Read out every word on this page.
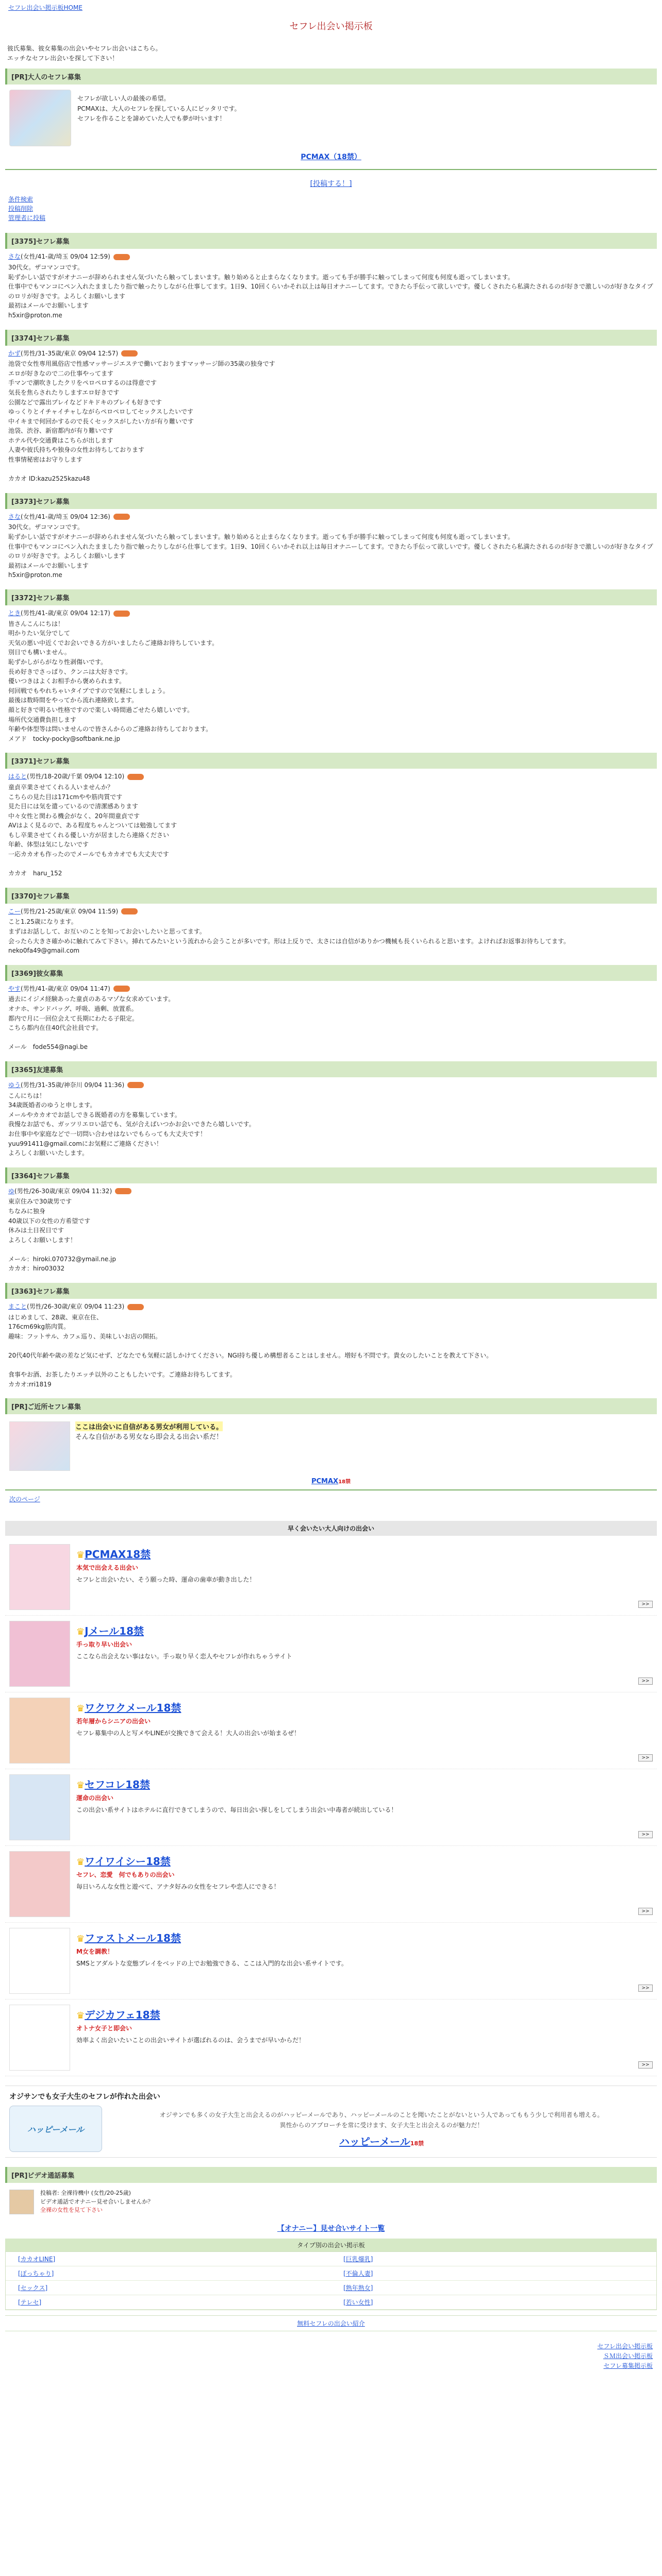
セフレ出会い掲示板HOME
セフレ出会い掲示板
彼氏募集、彼女募集の出会いやセフレ出会いはこちら。
エッチなセフレ出会いを探して下さい！
[PR]大人のセフレ募集
セフレが欲しい人の最後の希望。
PCMAXは、大人のセフレを探している人にピッタリです。
セフレを作ることを諦めていた人でも夢が叶います！
PCMAX（18禁）
[投稿する！]
条件検索
投稿削除
管理者に投稿
[3375]セフレ募集
さな(女性/41-歳/埼玉 09/04 12:59)
30代女。ザコマンコです。
恥ずかしい話ですがオナニーが辞められません気づいたら触ってしまいます。触り始めると止まらなくなります。逝っても手が勝手に触ってしまって何度も何度も逝ってしまいます。
仕事中でもマンコにペン入れたまましたり指で触ったりしながら仕事してます。1日9、10回くらいかそれ以上は毎日オナニーしてます。できたら手伝って欲しいです。優しくされたら私満たされるのが好きで激しいのが好きなタイプのロリが好きです。よろしくお願いします
最初はメールでお願いします
h5xir@proton.me
[3374]セフレ募集
かず(男性/31-35歳/東京 09/04 12:57)
池袋で女性専用風俗店で性感マッサージエステで働いておりますマッサージ師の35歳の独身です
エロが好きなので二の仕事やってます
手マンで潮吹きしたクリをペロペロするのは得意です
気長を焦らされたりしますエロ好きです
公園などで露出プレイなどドキドキのプレイも好きです
ゆっくりとイチャイチャしながらペロペロしてセックスしたいです
中イキまで何回かするので長くセックスがしたい方が有り難いです
池袋、渋谷、新宿都内が有り難いです
ホテル代や交通費はこちらが出します
人妻や彼氏持ちや独身の女性お待ちしております
性事情秘密はお守りします

カカオ ID:kazu2525kazu48
[3373]セフレ募集
さな(女性/41-歳/埼玉 09/04 12:36)
30代女。ザコマンコです。
恥ずかしい話ですがオナニーが辞められません気づいたら触ってしまいます。触り始めると止まらなくなります。逝っても手が勝手に触ってしまって何度も何度も逝ってしまいます。
仕事中でもマンコにペン入れたまましたり指で触ったりしながら仕事してます。1日9、10回くらいかそれ以上は毎日オナニーしてます。できたら手伝って欲しいです。優しくされたら私満たされるのが好きで激しいのが好きなタイプのロリが好きです。よろしくお願いします
最初はメールでお願いします
h5xir@proton.me
[3372]セフレ募集
とき(男性/41-歳/東京 09/04 12:17)
皆さんこんにちは！
明かりたい気分でして
天気の悪い中近くでお会いできる方がいましたらご連絡お待ちしています。
別日でも構いません。
恥ずかしがらがなり性剥傷いです。
長め好きでさっぱり、クンニは大好きです。
優いつきはよくお相手から褒められます。
何回戦でもやれちゃいタイプですので気軽にしましょう。
最後は数時間をやってから流れ連絡致します。
顔と好きで明るい性格ですので楽しい時間過ごせたら嬉しいです。
場所代交通費負担します
年齢や体型等は問いませんので皆さんからのご連絡お待ちしております。
メアド　tocky-pocky@softbank.ne.jp
[3371]セフレ募集
はると(男性/18-20歳/千葉 09/04 12:10)
童貞卒業させてくれる人いませんか？
こちらの見た目は171cmやや筋肉質です
見た目には気を遣っているので清潔感あります
中々女性と関わる機会がなく、20年間童貞です
AVはよく見るので、ある程度ちゃんとついては勉強してます
もし卒業させてくれる優しい方が居ましたら連絡ください
年齢、体型は気にしないです
一応カカオも作ったのでメールでもカカオでも大丈夫です

カカオ　haru_152
[3370]セフレ募集
こー(男性/21-25歳/東京 09/04 11:59)
こと1.25歳になります。
まずはお話しして、お互いのことを知ってお会いしたいと思ってます。
会ったら大きさ確かめに触れてみて下さい。挿れてみたいという流れから会うことが多いです。形は上反りで、太さには自信がありかつ機械も長くいられると思います。よければお返事お待ちしてます。
neko0fa49@gmail.com
[3369]彼女募集
やす(男性/41-歳/東京 09/04 11:47)
過去にイジメ経験あった童貞のあるマゾな女求めています。
オナホ、サンドバッグ、呼吸、過剰、放置系。
都内で月に一回位会えて長期にわたる子限定。
こちら都内在住40代会社員です。

メール　fode554@nagi.be
[3365]友達募集
ゆう(男性/31-35歳/神奈川 09/04 11:36)
こんにちは！
34歳既婚者のゆうと申します。
メールやカカオでお話しできる既婚者の方を募集しています。
我慢なお話でも、ガッツリエロい話でも、気が合えばいつかお会いできたら嬉しいです。
お仕事中や家庭などで一切問い合わせはないでもらっても大丈夫です！
yuu991411@gmail.comにお気軽にご連絡ください！
よろしくお願いいたします。
[3364]セフレ募集
ゆ(男性/26-30歳/東京 09/04 11:32)
東京住みで30歳男です
ちなみに独身
40歳以下の女性の方希望です
休みは土日祝日です
よろしくお願いします！

メール：hiroki.070732@ymail.ne.jp
カカオ：hiro03032
[3363]セフレ募集
まこと(男性/26-30歳/東京 09/04 11:23)
はじめまして、28歳、東京在住、
176cm69kg筋肉質。
趣味：フットサル、カフェ巡り、美味しいお店の開拓。

20代40代年齢や歳の差など気にせず、どなたでも気軽に話しかけてください。NGI持ち優しめ構想者ることはしません。増好も不問です。貴女のしたいことを教えて下さい。

食事やお酒、お茶したりエッチ以外のこともしたいです。ご連絡お待ちしてます。
カカオ:rri1819
[PR]ご近所セフレ募集
ここは出会いに自信がある男女が利用している。
そんな自信がある男女なら即会える出会い系だ！
PCMAX18禁
次のページ
早く会いたい大人向けの出会い
♛PCMAX18禁
本気で出会える出会い
セフレと出会いたい、そう願った時、運命の歯車が動き出した！
>>
♛Jメール18禁
手っ取り早い出会い
ここなら出会えない事はない。手っ取り早く恋人やセフレが作れちゃうサイト
>>
♛ワクワクメール18禁
若年層からシニアの出会い
セフレ募集中の人と写メやLINEが交換できて会える！大人の出会いが始まるぜ！
>>
♛セフコレ18禁
運命の出会い
この出会い系サイトはホテルに直行できてしまうので、毎日出会い探しをしてしまう出会い中毒者が続出している！
>>
♛ワイワイシー18禁
セフレ、恋愛　何でもありの出会い
毎日いろんな女性と遊べて、アナタ好みの女性をセフレや恋人にできる！
>>
♛ファストメール18禁
M女を調教！
SMSとアダルトな変態プレイをベッドの上でお勉強できる、ここは入門的な出会い系サイトです。
>>
♛デジカフェ18禁
オトナ女子と即会い
効率よく出会いたいことの出会いサイトが選ばれるのは、会うまでが早いからだ！
>>
オジサンでも女子大生のセフレが作れた出会い
ハッピーメール
オジサンでも多くの女子大生と出会えるのがハッピーメールであり、ハッピーメールのことを聞いたことがないという人であってももう少しで利用者も増える。
異性からのアプローチを常に受けます、女子大生と出会えるのが魅力だ！
ハッピーメール18禁
[PR]ビデオ通話募集
投稿者: 全裸待機中 (女性/20-25歳)
ビデオ通話でオナニー見せ合いしませんか？
全裸の女性を見て下さい
【オナニー】見せ合いサイト一覧
タイプ別の出会い掲示板
[カカオLINE]	[巨乳爆乳]
[ぽっちゃり]	[不倫人妻]
[セックス]	[熟年熟女]
[テレセ]	[若い女性]
無料セフレの出会い紹介
セフレ出会い掲示板
ＳＭ出会い掲示板
セフレ募集掲示板
